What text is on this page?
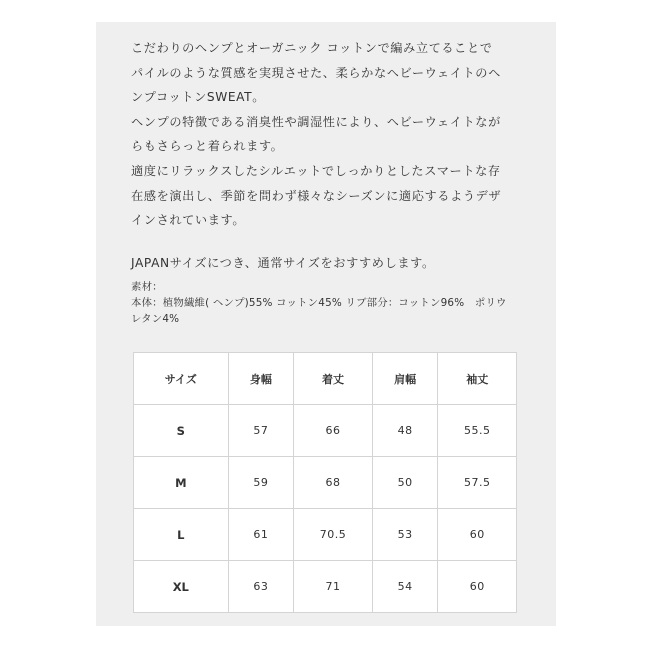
こだわりのヘンプとオーガニック コットンで編み立てることで

パイルのような質感を実現させた、柔らかなヘビーウェイトのヘ

ンプコットンSWEAT。

ヘンプの特徴である消臭性や調湿性により、ヘビーウェイトなが

らもさらっと着られます。

適度にリラックスしたシルエットでしっかりとしたスマートな存

在感を演出し、季節を問わず様々なシーズンに適応するようデザ

インされています。

JAPANサイズにつき、通常サイズをおすすめします。

素材：

本体：植物繊維( ヘンプ)55% コットン45% リブ部分：コットン96%　ポリウ

レタン4%

サイズ	身幅	着丈	肩幅	袖丈
S	57	66	48	55.5
M	59	68	50	57.5
L	61	70.5	53	60
XL	63	71	54	60
